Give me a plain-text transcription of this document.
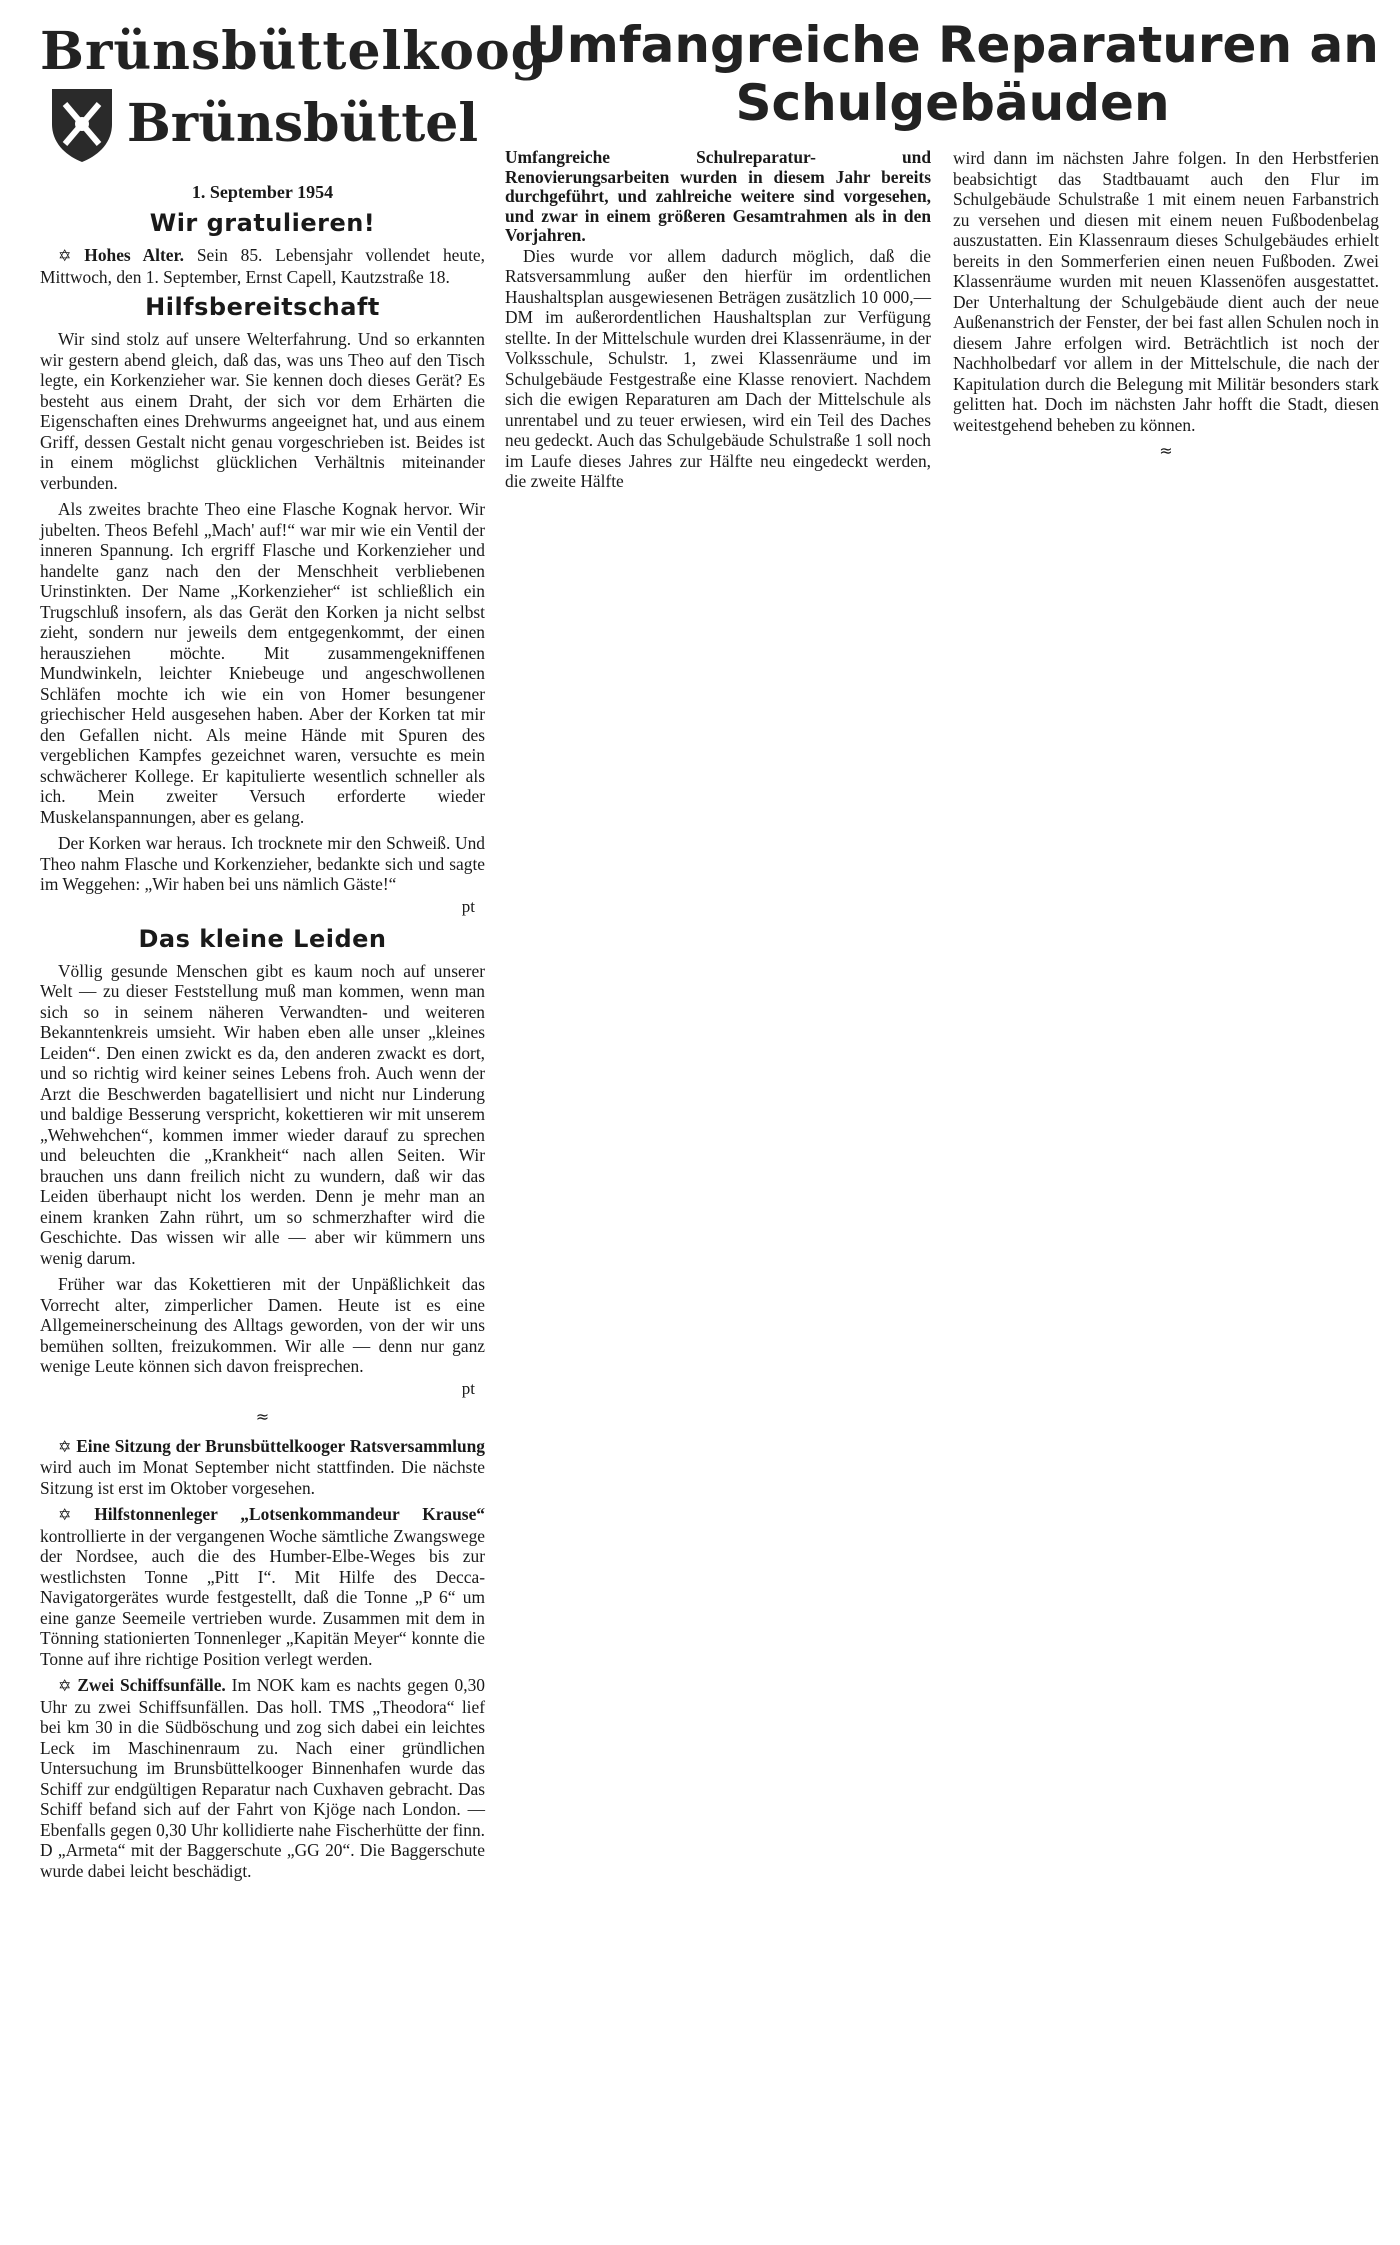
Brünsbüttelkoog
Brünsbüttel
1. September 1954
Wir gratulieren!

✡ Hohes Alter. Sein 85. Lebensjahr vollendet heute, Mittwoch, den 1. September, Ernst Capell, Kautzstraße 18.

Hilfsbereitschaft

Wir sind stolz auf unsere Welterfahrung. Und so erkannten wir gestern abend gleich, daß das, was uns Theo auf den Tisch legte, ein Korkenzieher war. Sie kennen doch dieses Gerät? Es besteht aus einem Draht, der sich vor dem Erhärten die Eigenschaften eines Drehwurms angeeignet hat, und aus einem Griff, dessen Gestalt nicht genau vorgeschrieben ist. Beides ist in einem möglichst glücklichen Verhältnis miteinander verbunden.

Als zweites brachte Theo eine Flasche Kognak hervor. Wir jubelten. Theos Befehl „Mach' auf!“ war mir wie ein Ventil der inneren Spannung. Ich ergriff Flasche und Korkenzieher und handelte ganz nach den der Menschheit verbliebenen Urinstinkten. Der Name „Korkenzieher“ ist schließlich ein Trugschluß insofern, als das Gerät den Korken ja nicht selbst zieht, sondern nur jeweils dem entgegenkommt, der einen herausziehen möchte. Mit zusammengekniffenen Mundwinkeln, leichter Kniebeuge und angeschwollenen Schläfen mochte ich wie ein von Homer besungener griechischer Held ausgesehen haben. Aber der Korken tat mir den Gefallen nicht. Als meine Hände mit Spuren des vergeblichen Kampfes gezeichnet waren, versuchte es mein schwächerer Kollege. Er kapitulierte wesentlich schneller als ich. Mein zweiter Versuch erforderte wieder Muskelanspannungen, aber es gelang.

Der Korken war heraus. Ich trocknete mir den Schweiß. Und Theo nahm Flasche und Korkenzieher, bedankte sich und sagte im Weggehen: „Wir haben bei uns nämlich Gäste!“

pt
Das kleine Leiden

Völlig gesunde Menschen gibt es kaum noch auf unserer Welt — zu dieser Feststellung muß man kommen, wenn man sich so in seinem näheren Verwandten- und weiteren Bekanntenkreis umsieht. Wir haben eben alle unser „kleines Leiden“. Den einen zwickt es da, den anderen zwackt es dort, und so richtig wird keiner seines Lebens froh. Auch wenn der Arzt die Beschwerden bagatellisiert und nicht nur Linderung und baldige Besserung verspricht, kokettieren wir mit unserem „Wehwehchen“, kommen immer wieder darauf zu sprechen und beleuchten die „Krankheit“ nach allen Seiten. Wir brauchen uns dann freilich nicht zu wundern, daß wir das Leiden überhaupt nicht los werden. Denn je mehr man an einem kranken Zahn rührt, um so schmerzhafter wird die Geschichte. Das wissen wir alle — aber wir kümmern uns wenig darum.

Früher war das Kokettieren mit der Unpäßlichkeit das Vorrecht alter, zimperlicher Damen. Heute ist es eine Allgemeinerscheinung des Alltags geworden, von der wir uns bemühen sollten, freizukommen. Wir alle — denn nur ganz wenige Leute können sich davon freisprechen.

pt
≈

✡ Eine Sitzung der Brunsbüttelkooger Ratsversammlung wird auch im Monat September nicht stattfinden. Die nächste Sitzung ist erst im Oktober vorgesehen.

✡ Hilfstonnenleger „Lotsenkommandeur Krause“ kontrollierte in der vergangenen Woche sämtliche Zwangswege der Nordsee, auch die des Humber-Elbe-Weges bis zur westlichsten Tonne „Pitt I“. Mit Hilfe des Decca-Navigatorgerätes wurde festgestellt, daß die Tonne „P 6“ um eine ganze Seemeile vertrieben wurde. Zusammen mit dem in Tönning stationierten Tonnenleger „Kapitän Meyer“ konnte die Tonne auf ihre richtige Position verlegt werden.

✡ Zwei Schiffsunfälle. Im NOK kam es nachts gegen 0,30 Uhr zu zwei Schiffsunfällen. Das holl. TMS „Theodora“ lief bei km 30 in die Südböschung und zog sich dabei ein leichtes Leck im Maschinenraum zu. Nach einer gründlichen Untersuchung im Brunsbüttelkooger Binnenhafen wurde das Schiff zur endgültigen Reparatur nach Cuxhaven gebracht. Das Schiff befand sich auf der Fahrt von Kjöge nach London. — Ebenfalls gegen 0,30 Uhr kollidierte nahe Fischerhütte der finn. D „Armeta“ mit der Baggerschute „GG 20“. Die Baggerschute wurde dabei leicht beschädigt.

Umfangreiche Reparaturen an Schulgebäuden

Umfangreiche Schulreparatur- und Renovierungsarbeiten wurden in diesem Jahr bereits durchgeführt, und zahlreiche weitere sind vorgesehen, und zwar in einem größeren Gesamtrahmen als in den Vorjahren.

Dies wurde vor allem dadurch möglich, daß die Ratsversammlung außer den hierfür im ordentlichen Haushaltsplan ausgewiesenen Beträgen zusätzlich 10 000,— DM im außerordentlichen Haushaltsplan zur Verfügung stellte. In der Mittelschule wurden drei Klassenräume, in der Volksschule, Schulstr. 1, zwei Klassenräume und im Schulgebäude Festgestraße eine Klasse renoviert. Nachdem sich die ewigen Reparaturen am Dach der Mittelschule als unrentabel und zu teuer erwiesen, wird ein Teil des Daches neu gedeckt. Auch das Schulgebäude Schulstraße 1 soll noch im Laufe dieses Jahres zur Hälfte neu eingedeckt werden, die zweite Hälfte

wird dann im nächsten Jahre folgen. In den Herbstferien beabsichtigt das Stadtbauamt auch den Flur im Schulgebäude Schulstraße 1 mit einem neuen Farbanstrich zu versehen und diesen mit einem neuen Fußbodenbelag auszustatten. Ein Klassenraum dieses Schulgebäudes erhielt bereits in den Sommerferien einen neuen Fußboden. Zwei Klassenräume wurden mit neuen Klassenöfen ausgestattet. Der Unterhaltung der Schulgebäude dient auch der neue Außenanstrich der Fenster, der bei fast allen Schulen noch in diesem Jahre erfolgen wird. Beträchtlich ist noch der Nachholbedarf vor allem in der Mittelschule, die nach der Kapitulation durch die Belegung mit Militär besonders stark gelitten hat. Doch im nächsten Jahr hofft die Stadt, diesen weitestgehend beheben zu können.

≈
